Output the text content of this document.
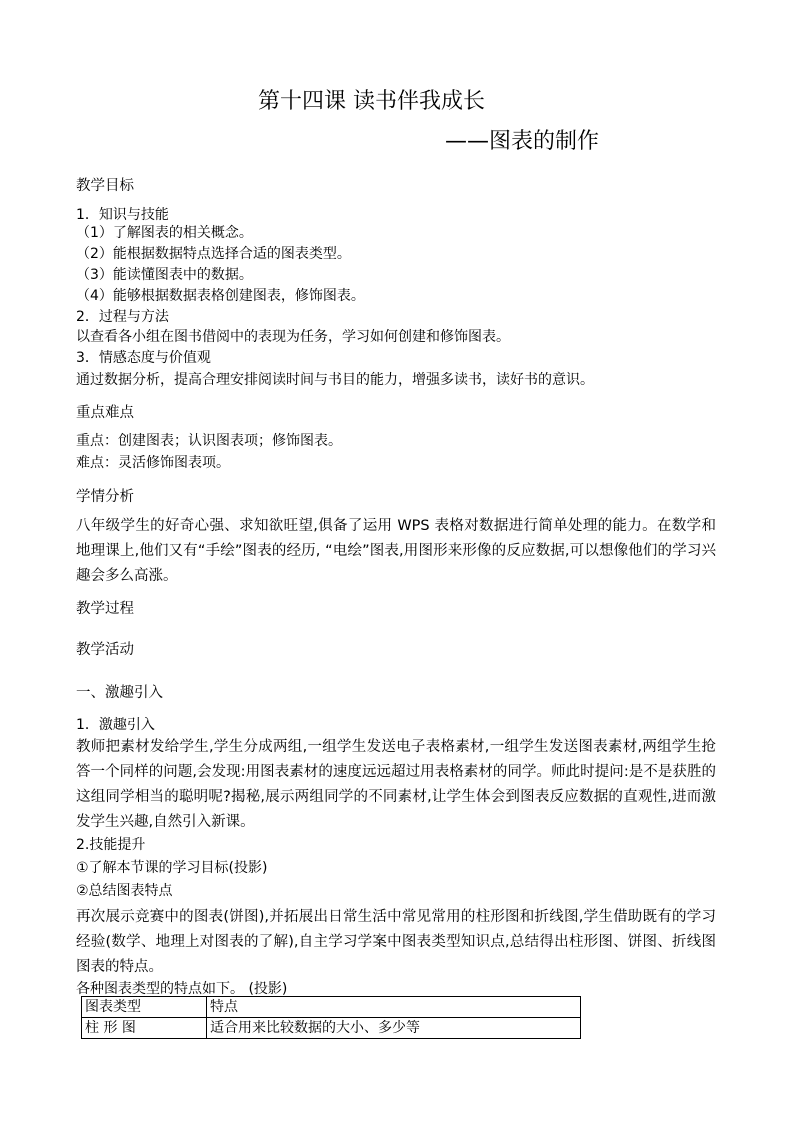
第十四课 读书伴我成长
——图表的制作
教学目标
1．知识与技能
（1）了解图表的相关概念。
（2）能根据数据特点选择合适的图表类型。
（3）能读懂图表中的数据。
（4）能够根据数据表格创建图表，修饰图表。
2．过程与方法
以查看各小组在图书借阅中的表现为任务，学习如何创建和修饰图表。
3．情感态度与价值观
通过数据分析，提高合理安排阅读时间与书目的能力，增强多读书，读好书的意识。
重点难点
重点：创建图表；认识图表项；修饰图表。
难点：灵活修饰图表项。
学情分析
八年级学生的好奇心强、求知欲旺望,俱备了运用 WPS 表格对数据进行简单处理的能力。在数学和地理课上,他们又有“手绘”图表的经历, “电绘”图表,用图形来形像的反应数据,可以想像他们的学习兴趣会多么高涨。
教学过程
教学活动
一、激趣引入
1．激趣引入
教师把素材发给学生,学生分成两组,一组学生发送电子表格素材,一组学生发送图表素材,两组学生抢答一个同样的问题,会发现:用图表素材的速度远远超过用表格素材的同学。师此时提问:是不是获胜的这组同学相当的聪明呢?揭秘,展示两组同学的不同素材,让学生体会到图表反应数据的直观性,进而激发学生兴趣,自然引入新课。
2.技能提升
①了解本节课的学习目标(投影)
②总结图表特点
再次展示竞赛中的图表(饼图),并拓展出日常生活中常见常用的柱形图和折线图,学生借助既有的学习经验(数学、地理上对图表的了解),自主学习学案中图表类型知识点,总结得出柱形图、饼图、折线图图表的特点。
各种图表类型的特点如下。 (投影)
图表类型	特点
柱 形 图	适合用来比较数据的大小、多少等
